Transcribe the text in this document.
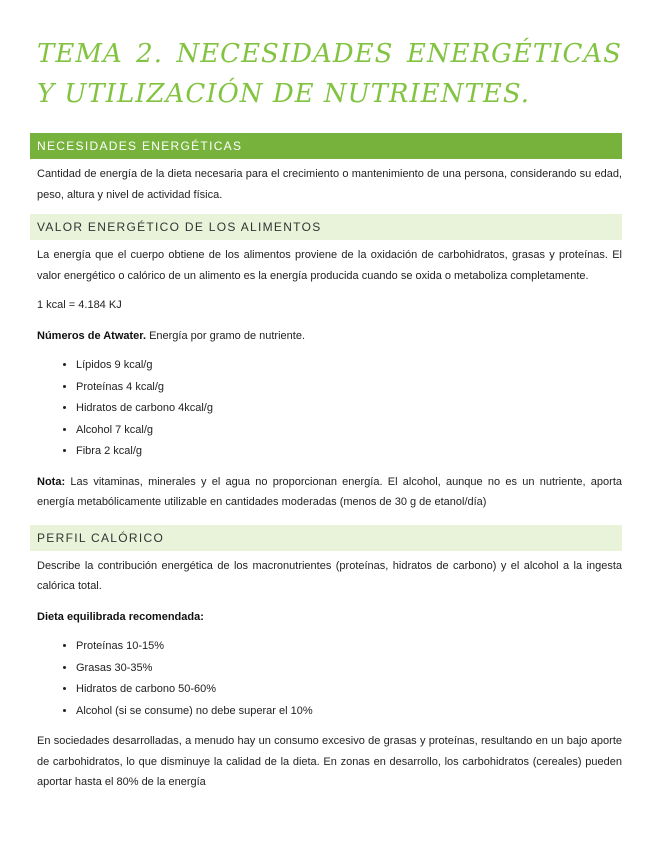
TEMA 2. NECESIDADES ENERGÉTICAS Y UTILIZACIÓN DE NUTRIENTES.
NECESIDADES ENERGÉTICAS

Cantidad de energía de la dieta necesaria para el crecimiento o mantenimiento de una persona, considerando su edad, peso, altura y nivel de actividad física.

VALOR ENERGÉTICO DE LOS ALIMENTOS

La energía que el cuerpo obtiene de los alimentos proviene de la oxidación de carbohidratos, grasas y proteínas. El valor energético o calórico de un alimento es la energía producida cuando se oxida o metaboliza completamente.

1 kcal = 4.184 KJ

Números de Atwater. Energía por gramo de nutriente.

• Lípidos 9 kcal/g
• Proteínas 4 kcal/g
• Hidratos de carbono 4kcal/g
• Alcohol 7 kcal/g
• Fibra 2 kcal/g

Nota: Las vitaminas, minerales y el agua no proporcionan energía. El alcohol, aunque no es un nutriente, aporta energía metabólicamente utilizable en cantidades moderadas (menos de 30 g de etanol/día)

PERFIL CALÓRICO

Describe la contribución energética de los macronutrientes (proteínas, hidratos de carbono) y el alcohol a la ingesta calórica total.

Dieta equilibrada recomendada:

• Proteínas 10-15%
• Grasas 30-35%
• Hidratos de carbono 50-60%
• Alcohol (si se consume) no debe superar el 10%

En sociedades desarrolladas, a menudo hay un consumo excesivo de grasas y proteínas, resultando en un bajo aporte de carbohidratos, lo que disminuye la calidad de la dieta. En zonas en desarrollo, los carbohidratos (cereales) pueden aportar hasta el 80% de la energía
